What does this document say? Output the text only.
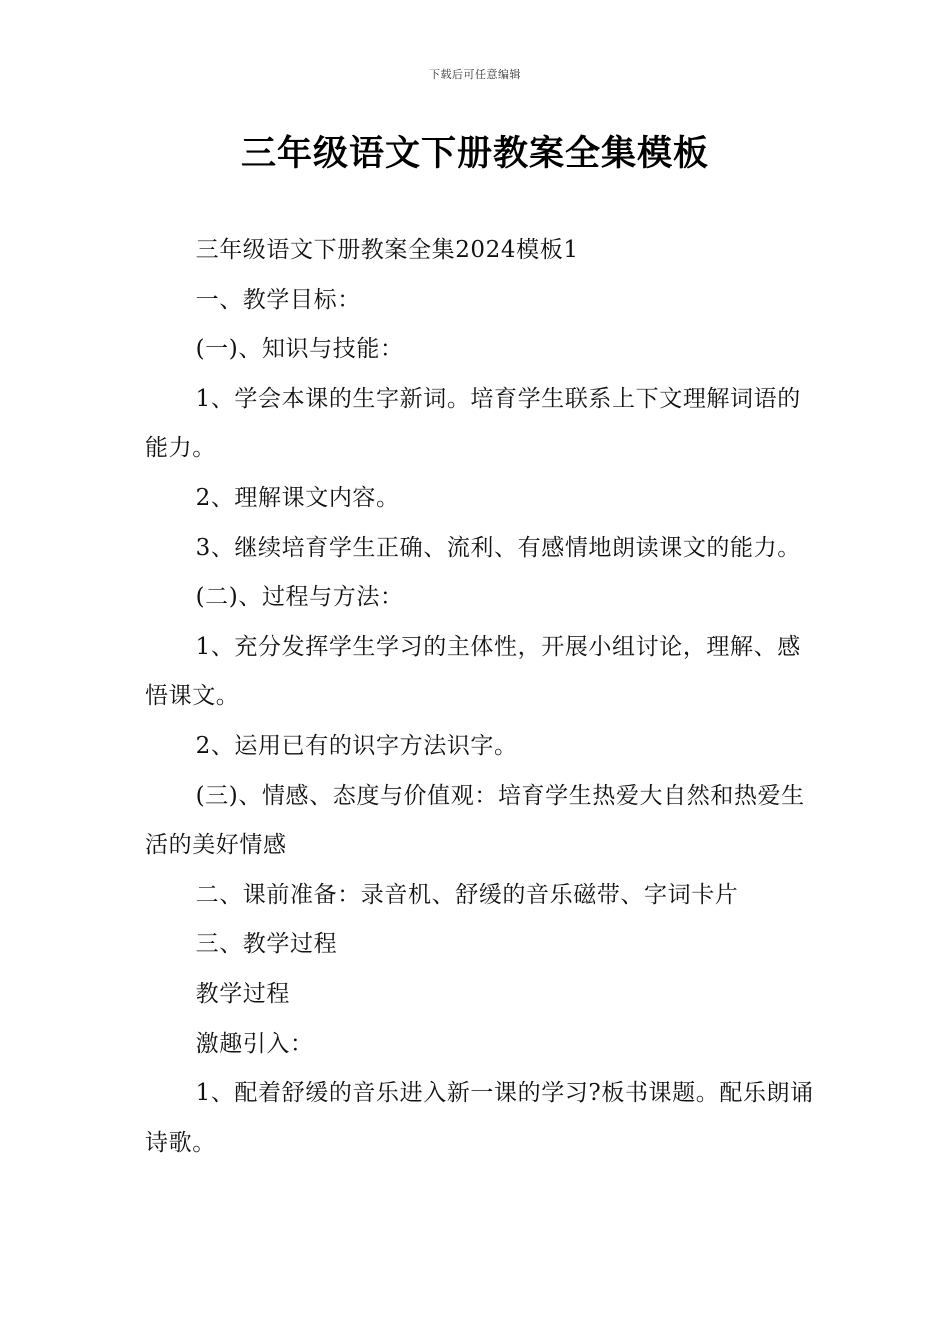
下载后可任意编辑
三年级语文下册教案全集模板

三年级语文下册教案全集2024模板1

一、教学目标：

(一)、知识与技能：

1、学会本课的生字新词。培育学生联系上下文理解词语的能力。

2、理解课文内容。

3、继续培育学生正确、流利、有感情地朗读课文的能力。

(二)、过程与方法：

1、充分发挥学生学习的主体性，开展小组讨论，理解、感悟课文。

2、运用已有的识字方法识字。

(三)、情感、态度与价值观：培育学生热爱大自然和热爱生活的美好情感

二、课前准备：录音机、舒缓的音乐磁带、字词卡片

三、教学过程

教学过程

激趣引入：

1、配着舒缓的音乐进入新一课的学习?板书课题。配乐朗诵诗歌。
